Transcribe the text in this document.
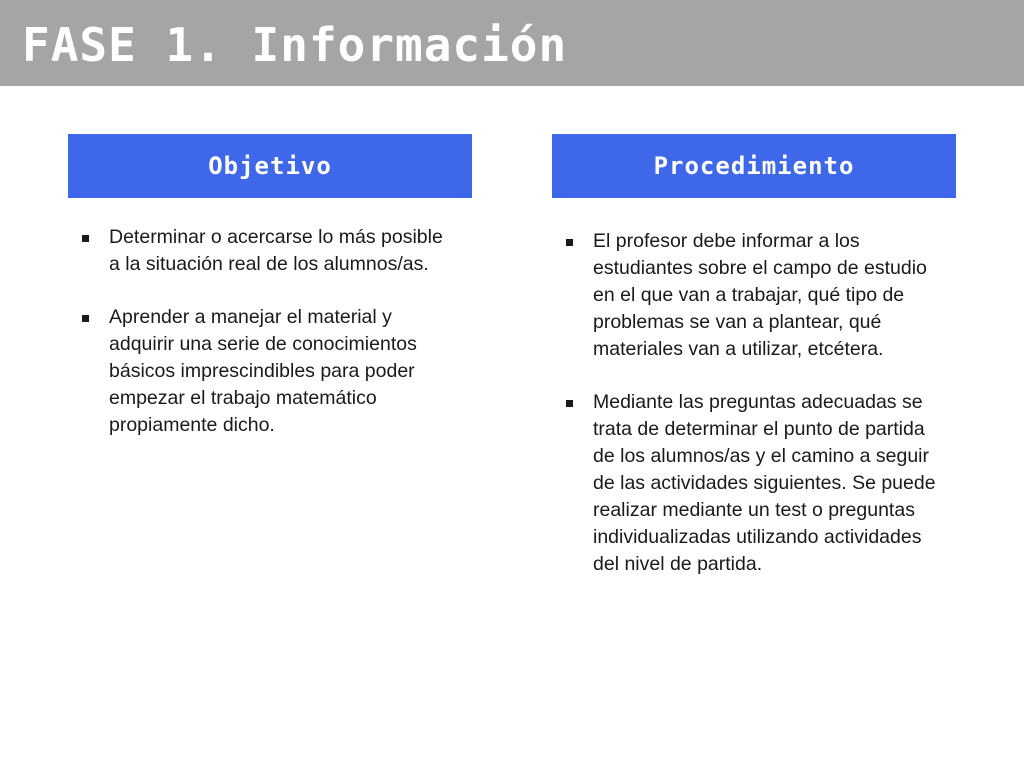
FASE 1. Información
Objetivo
Determinar o acercarse lo más posible a la situación real de los alumnos/as.
Aprender a manejar el material y adquirir una serie de conocimientos básicos imprescindibles para poder empezar el trabajo matemático propiamente dicho.
Procedimiento
El profesor debe informar a los estudiantes sobre el campo de estudio en el que van a trabajar, qué tipo de problemas se van a plantear, qué materiales van a utilizar, etcétera.
Mediante las preguntas adecuadas se trata de determinar el punto de partida de los alumnos/as y el camino a seguir de las actividades siguientes. Se puede realizar mediante un test o preguntas individualizadas utilizando actividades del nivel de partida.
